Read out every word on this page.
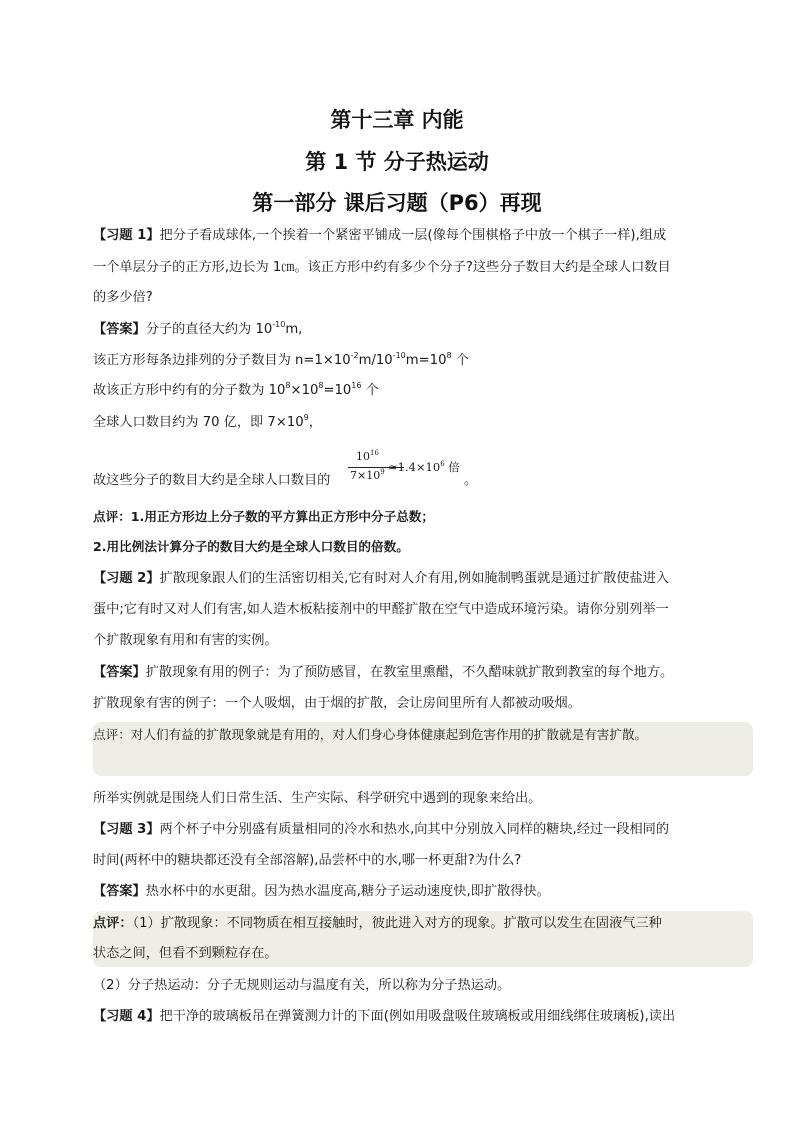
第十三章 内能
第 1 节 分子热运动
第一部分 课后习题（P6）再现
【习题 1】把分子看成球体,一个挨着一个紧密平铺成一层(像每个围棋格子中放一个棋子一样),组成
一个单层分子的正方形,边长为 1㎝。该正方形中约有多少个分子?这些分子数目大约是全球人口数目
的多少倍?
【答案】分子的直径大约为 $10^{-10}m$,
该正方形每条边排列的分子数目为 $n=1\times 10^{-2}m/10^{-10}m=10^8$ 个
故该正方形中约有的分子数为 $10^8\times 10^8=10^{16}$ 个
全球人口数目约为 70 亿，即 $7\times 10^9$，
故这些分子的数目大约是全球人口数目的
$10^{16}$
$7\times 10^9 \approx 1.4\times 10^6$ 倍
。
点评：1.用正方形边上分子数的平方算出正方形中分子总数；
2.用比例法计算分子的数目大约是全球人口数目的倍数。
【习题 2】扩散现象跟人们的生活密切相关,它有时对人介有用,例如腌制鸭蛋就是通过扩散使盐进入
蛋中;它有时又对人们有害,如人造木板粘接剂中的甲醛扩散在空气中造成环境污染。请你分别列举一
个扩散现象有用和有害的实例。
【答案】扩散现象有用的例子：为了预防感冒，在教室里熏醋，不久醋味就扩散到教室的每个地方。
扩散现象有害的例子：一个人吸烟，由于烟的扩散，会让房间里所有人都被动吸烟。
点评：对人们有益的扩散现象就是有用的，对人们身心身体健康起到危害作用的扩散就是有害扩散。
所举实例就是围绕人们日常生活、生产实际、科学研究中遇到的现象来给出。
【习题 3】两个杯子中分别盛有质量相同的冷水和热水,向其中分别放入同样的糖块,经过一段相同的
时间(两杯中的糖块都还没有全部溶解),品尝杯中的水,哪一杯更甜?为什么?
【答案】热水杯中的水更甜。因为热水温度高,糖分子运动速度快,即扩散得快。
点评：（1）扩散现象：不同物质在相互接触时，彼此进入对方的现象。扩散可以发生在固液气三种
状态之间，但看不到颗粒存在。
（2）分子热运动：分子无规则运动与温度有关，所以称为分子热运动。
【习题 4】把干净的玻璃板吊在弹簧测力计的下面(例如用吸盘吸住玻璃板或用细线绑住玻璃板),读出
